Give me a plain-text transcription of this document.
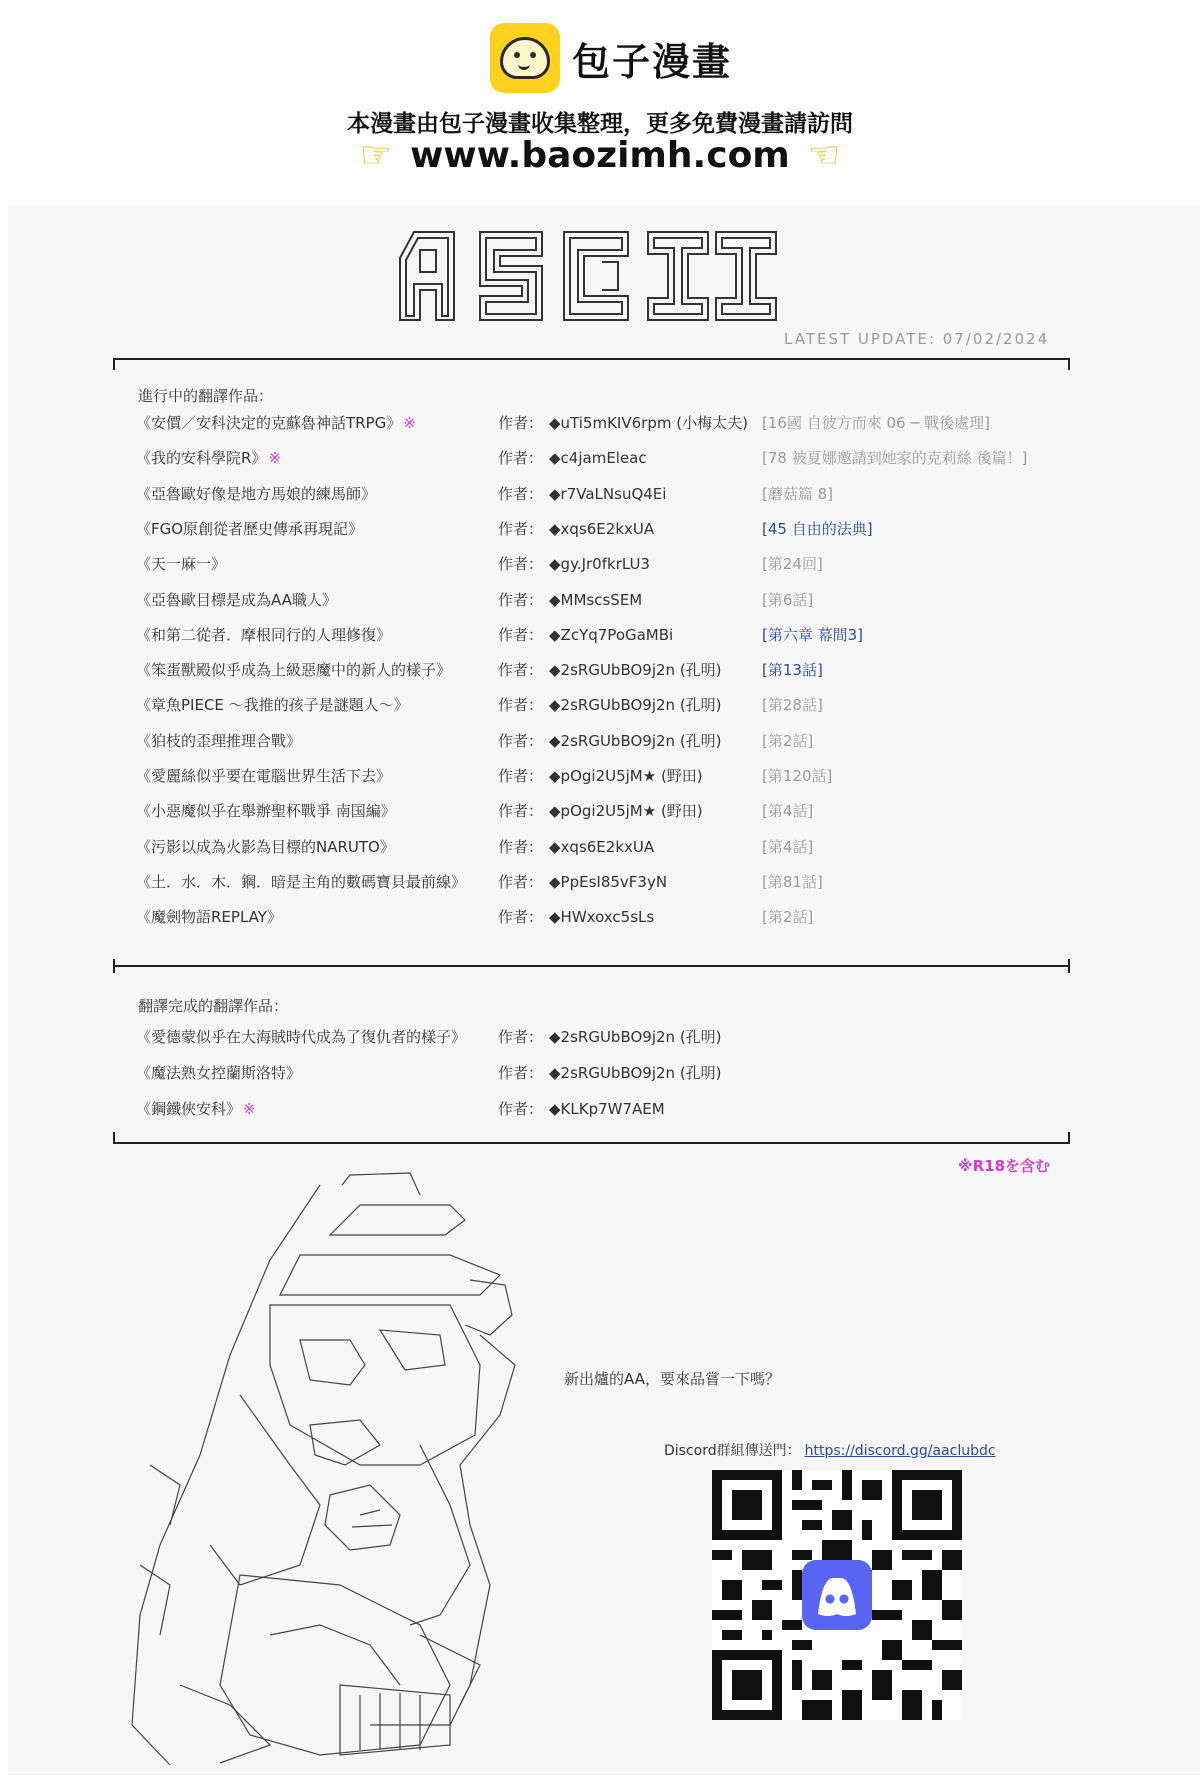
包子漫畫
本漫畫由包子漫畫收集整理，更多免費漫畫請訪問
☞ www.baozimh.com ☜
LATEST UPDATE: 07/02/2024
進行中的翻譯作品：
《安價／安科決定的克蘇魯神話TRPG》 ※	作者： ◆uTi5mKIV6rpm (小梅太夫) [16國 自彼方而來 06 ─ 戰後處理]
《我的安科學院R》 ※	作者： ◆c4jamEleac	[78 被夏娜邀請到她家的克莉絲 後篇！]
《亞魯歐好像是地方馬娘的練馬師》	作者： ◆r7VaLNsuQ4Ei	[蘑菇篇 8]
《FGO原創從者歷史傳承再現記》	作者： ◆xqs6E2kxUA	[45 自由的法典]
《天一麻一》	作者： ◆gy.Jr0fkrLU3	[第24回]
《亞魯歐目標是成為AA職人》	作者： ◆MMscsSEM	[第6話]
《和第二從者．摩根同行的人理修復》	作者： ◆ZcYq7PoGaMBi	[第六章 幕間3]
《笨蛋獸殿似乎成為上級惡魔中的新人的樣子》	作者： ◆2sRGUbBO9j2n (孔明)	[第13話]
《章魚PIECE ～我推的孩子是謎題人～》	作者： ◆2sRGUbBO9j2n (孔明)	[第28話]
《狛枝的歪理推理合戰》	作者： ◆2sRGUbBO9j2n (孔明)	[第2話]
《愛麗絲似乎要在電腦世界生活下去》	作者： ◆pOgi2U5jM★ (野田)	[第120話]
《小惡魔似乎在舉辦聖杯戰爭 南国編》	作者： ◆pOgi2U5jM★ (野田)	[第4話]
《污影以成為火影為目標的NARUTO》	作者： ◆xqs6E2kxUA	[第4話]
《土．水．木．鋼．暗是主角的數碼寶貝最前線》 作者： ◆PpEsI85vF3yN	[第81話]
《魔劍物語REPLAY》	作者： ◆HWxoxc5sLs	[第2話]
翻譯完成的翻譯作品：
《愛德蒙似乎在大海賊時代成為了復仇者的樣子》 作者： ◆2sRGUbBO9j2n (孔明)
《魔法熟女控蘭斯洛特》	作者： ◆2sRGUbBO9j2n (孔明)
《鋼鐵俠安科》 ※	作者： ◆KLKp7W7AEM
※R18を含む
新出爐的AA，要來品嘗一下嗎？
Discord群組傳送門： https://discord.gg/aaclubdc
